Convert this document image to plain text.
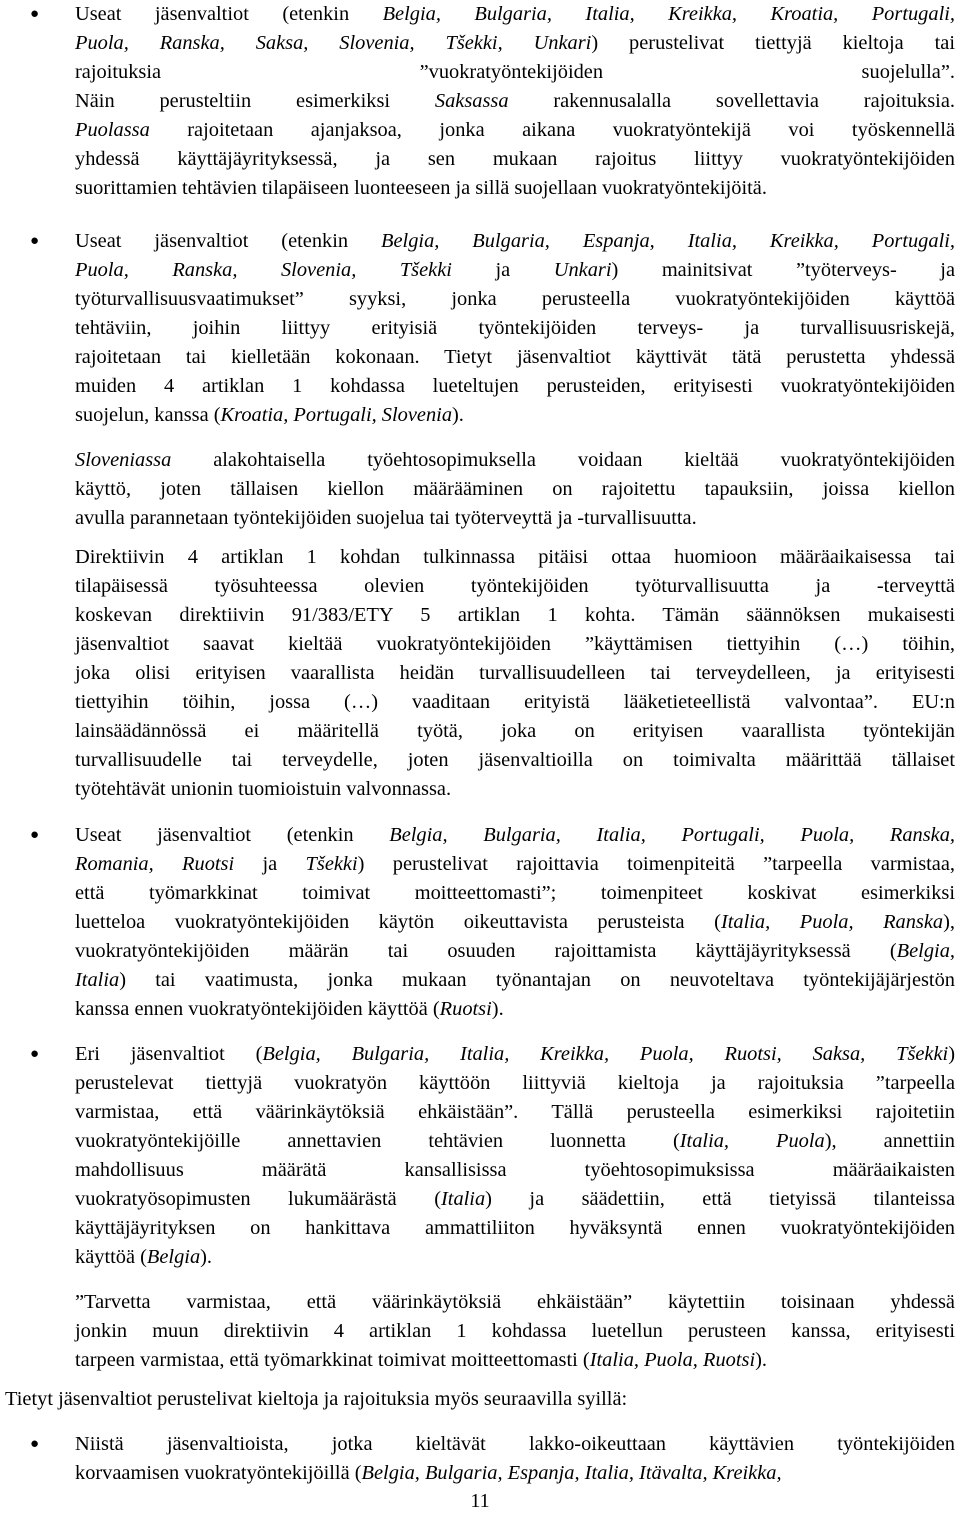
● Useat jäsenvaltiot (etenkin Belgia, Bulgaria, Italia, Kreikka, Kroatia, Portugali,
Puola, Ranska, Saksa, Slovenia, Tšekki, Unkari) perustelivat tiettyjä kieltoja tai
rajoituksia ”vuokratyöntekijöiden suojelulla”.
Näin perusteltiin esimerkiksi Saksassa rakennusalalla sovellettavia rajoituksia.
Puolassa rajoitetaan ajanjaksoa, jonka aikana vuokratyöntekijä voi työskennellä
yhdessä käyttäjäyrityksessä, ja sen mukaan rajoitus liittyy vuokratyöntekijöiden
suorittamien tehtävien tilapäiseen luonteeseen ja sillä suojellaan vuokratyöntekijöitä.
● Useat jäsenvaltiot (etenkin Belgia, Bulgaria, Espanja, Italia, Kreikka, Portugali,
Puola, Ranska, Slovenia, Tšekki ja Unkari) mainitsivat ”työterveys- ja
työturvallisuusvaatimukset” syyksi, jonka perusteella vuokratyöntekijöiden käyttöä
tehtäviin, joihin liittyy erityisiä työntekijöiden terveys- ja turvallisuusriskejä,
rajoitetaan tai kielletään kokonaan. Tietyt jäsenvaltiot käyttivät tätä perustetta yhdessä
muiden 4 artiklan 1 kohdassa lueteltujen perusteiden, erityisesti vuokratyöntekijöiden
suojelun, kanssa (Kroatia, Portugali, Slovenia).
Sloveniassa alakohtaisella työehtosopimuksella voidaan kieltää vuokratyöntekijöiden
käyttö, joten tällaisen kiellon määrääminen on rajoitettu tapauksiin, joissa kiellon
avulla parannetaan työntekijöiden suojelua tai työterveyttä ja -turvallisuutta.
Direktiivin 4 artiklan 1 kohdan tulkinnassa pitäisi ottaa huomioon määräaikaisessa tai
tilapäisessä työsuhteessa olevien työntekijöiden työturvallisuutta ja -terveyttä
koskevan direktiivin 91/383/ETY 5 artiklan 1 kohta. Tämän säännöksen mukaisesti
jäsenvaltiot saavat kieltää vuokratyöntekijöiden ”käyttämisen tiettyihin (…) töihin,
joka olisi erityisen vaarallista heidän turvallisuudelleen tai terveydelleen, ja erityisesti
tiettyihin töihin, jossa (…) vaaditaan erityistä lääketieteellistä valvontaa”. EU:n
lainsäädännössä ei määritellä työtä, joka on erityisen vaarallista työntekijän
turvallisuudelle tai terveydelle, joten jäsenvaltioilla on toimivalta määrittää tällaiset
työtehtävät unionin tuomioistuin valvonnassa.
● Useat jäsenvaltiot (etenkin Belgia, Bulgaria, Italia, Portugali, Puola, Ranska,
Romania, Ruotsi ja Tšekki) perustelivat rajoittavia toimenpiteitä ”tarpeella varmistaa,
että työmarkkinat toimivat moitteettomasti”; toimenpiteet koskivat esimerkiksi
luetteloa vuokratyöntekijöiden käytön oikeuttavista perusteista (Italia, Puola, Ranska),
vuokratyöntekijöiden määrän tai osuuden rajoittamista käyttäjäyrityksessä (Belgia,
Italia) tai vaatimusta, jonka mukaan työnantajan on neuvoteltava työntekijäjärjestön
kanssa ennen vuokratyöntekijöiden käyttöä (Ruotsi).
● Eri jäsenvaltiot (Belgia, Bulgaria, Italia, Kreikka, Puola, Ruotsi, Saksa, Tšekki)
perustelevat tiettyjä vuokratyön käyttöön liittyviä kieltoja ja rajoituksia ”tarpeella
varmistaa, että väärinkäytöksiä ehkäistään”. Tällä perusteella esimerkiksi rajoitetiin
vuokratyöntekijöille annettavien tehtävien luonnetta (Italia, Puola), annettiin
mahdollisuus määrätä kansallisissa työehtosopimuksissa määräaikaisten
vuokratyösopimusten lukumäärästä (Italia) ja säädettiin, että tietyissä tilanteissa
käyttäjäyrityksen on hankittava ammattiliiton hyväksyntä ennen vuokratyöntekijöiden
käyttöä (Belgia).
”Tarvetta varmistaa, että väärinkäytöksiä ehkäistään” käytettiin toisinaan yhdessä
jonkin muun direktiivin 4 artiklan 1 kohdassa luetellun perusteen kanssa, erityisesti
tarpeen varmistaa, että työmarkkinat toimivat moitteettomasti (Italia, Puola, Ruotsi).
Tietyt jäsenvaltiot perustelivat kieltoja ja rajoituksia myös seuraavilla syillä:
● Niistä jäsenvaltioista, jotka kieltävät lakko-oikeuttaan käyttävien työntekijöiden
korvaamisen vuokratyöntekijöillä (Belgia, Bulgaria, Espanja, Italia, Itävalta, Kreikka,
11
